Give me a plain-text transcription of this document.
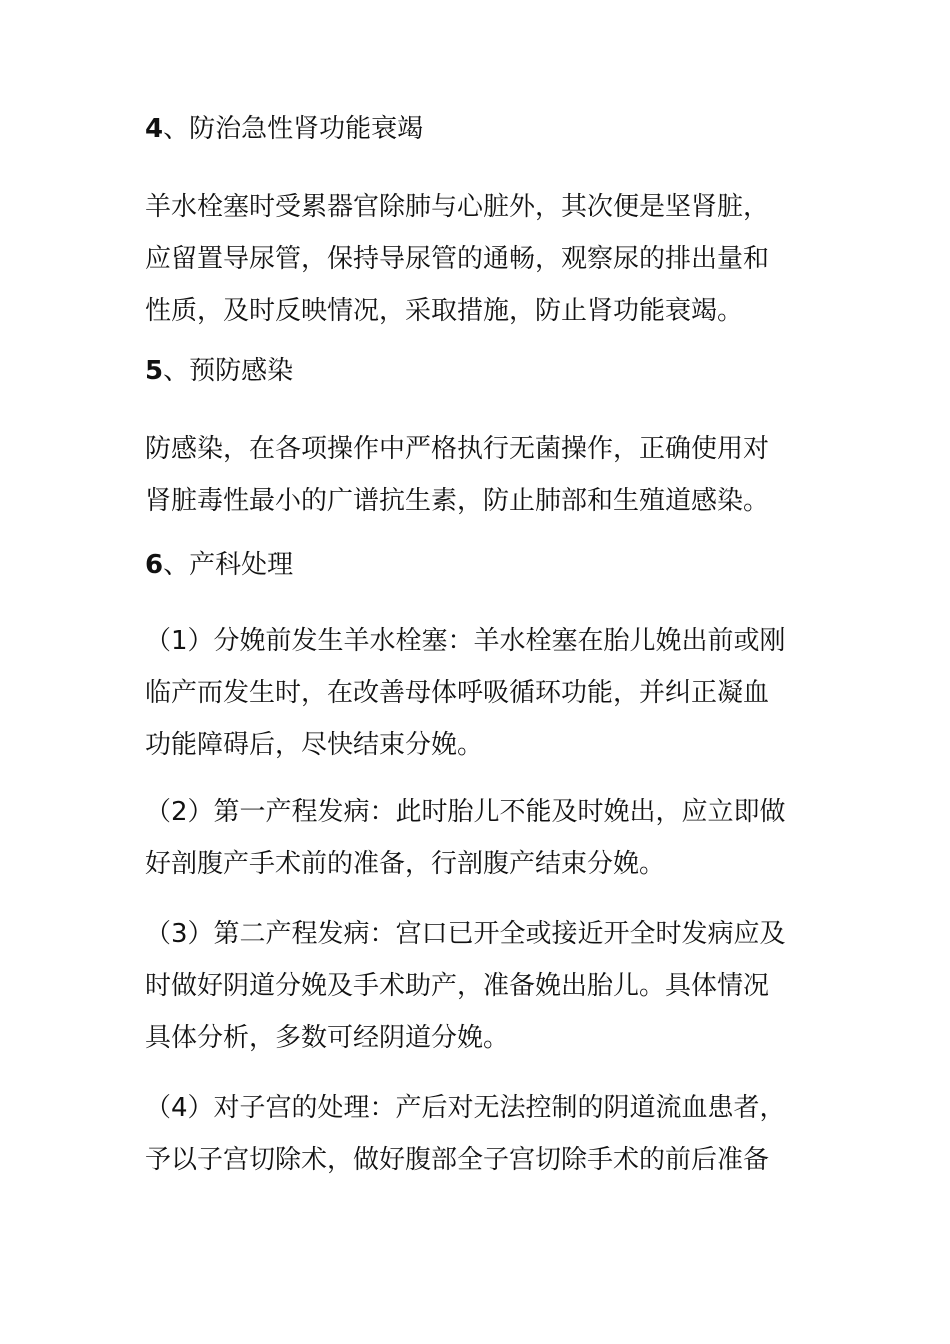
4、防治急性肾功能衰竭
羊水栓塞时受累器官除肺与心脏外，其次便是坚肾脏，
应留置导尿管，保持导尿管的通畅，观察尿的排出量和
性质，及时反映情况，采取措施，防止肾功能衰竭。
5、预防感染
防感染，在各项操作中严格执行无菌操作，正确使用对
肾脏毒性最小的广谱抗生素，防止肺部和生殖道感染。
6、产科处理
（1）分娩前发生羊水栓塞：羊水栓塞在胎儿娩出前或刚
临产而发生时，在改善母体呼吸循环功能，并纠正凝血
功能障碍后，尽快结束分娩。
（2）第一产程发病：此时胎儿不能及时娩出，应立即做
好剖腹产手术前的准备，行剖腹产结束分娩。
（3）第二产程发病：宫口已开全或接近开全时发病应及
时做好阴道分娩及手术助产，准备娩出胎儿。具体情况
具体分析，多数可经阴道分娩。
（4）对子宫的处理：产后对无法控制的阴道流血患者，
予以子宫切除术，做好腹部全子宫切除手术的前后准备
